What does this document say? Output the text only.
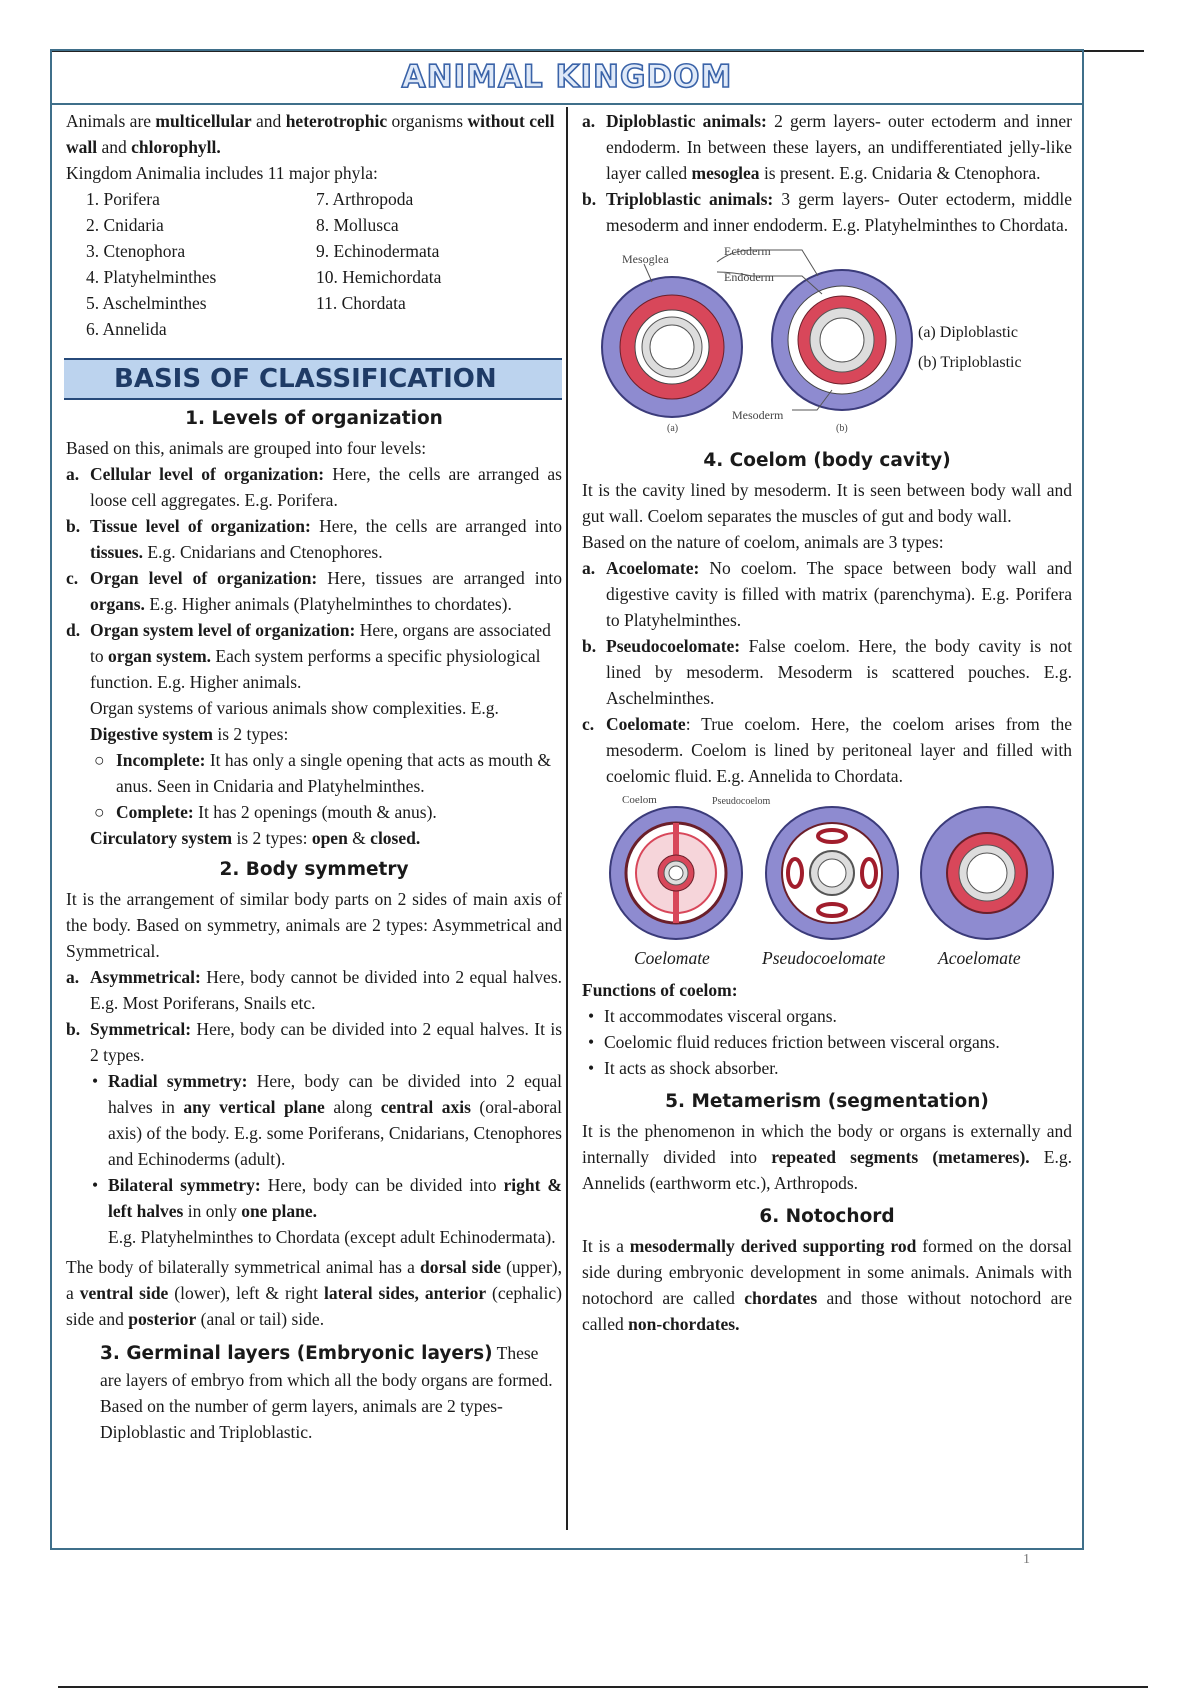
ANIMAL KINGDOM

Animals are multicellular and heterotrophic organisms without cell wall and chlorophyll.

Kingdom Animalia includes 11 major phyla:

1. Porifera	7. Arthropoda
2. Cnidaria	8. Mollusca
3. Ctenophora	9. Echinodermata
4. Platyhelminthes	10. Hemichordata
5. Aschelminthes	11. Chordata
6. Annelida
BASIS OF CLASSIFICATION
1. Levels of organization

Based on this, animals are grouped into four levels:

a. Cellular level of organization: Here, the cells are arranged as loose cell aggregates. E.g. Porifera.
b. Tissue level of organization: Here, the cells are arranged into tissues. E.g. Cnidarians and Ctenophores.
c. Organ level of organization: Here, tissues are arranged into organs. E.g. Higher animals (Platyhelminthes to chordates).
d. Organ system level of organization: Here, organs are associated to organ system. Each system performs a specific physiological function. E.g. Higher animals.

Organ systems of various animals show complexities. E.g.

Digestive system is 2 types:

○ Incomplete: It has only a single opening that acts as mouth & anus. Seen in Cnidaria and Platyhelminthes.
○ Complete: It has 2 openings (mouth & anus).

Circulatory system is 2 types: open & closed.

2. Body symmetry

It is the arrangement of similar body parts on 2 sides of main axis of the body. Based on symmetry, animals are 2 types: Asymmetrical and Symmetrical.

a. Asymmetrical: Here, body cannot be divided into 2 equal halves. E.g. Most Poriferans, Snails etc.
b. Symmetrical: Here, body can be divided into 2 equal halves. It is 2 types.
• Radial symmetry: Here, body can be divided into 2 equal halves in any vertical plane along central axis (oral-aboral axis) of the body. E.g. some Poriferans, Cnidarians, Ctenophores and Echinoderms (adult).
• Bilateral symmetry: Here, body can be divided into right & left halves in only one plane.

E.g. Platyhelminthes to Chordata (except adult Echinodermata).

The body of bilaterally symmetrical animal has a dorsal side (upper), a ventral side (lower), left & right lateral sides, anterior (cephalic) side and posterior (anal or tail) side.

3. Germinal layers (Embryonic layers) These are layers of embryo from which all the body organs are formed. Based on the number of germ layers, animals are 2 types- Diploblastic and Triploblastic.

a. Diploblastic animals: 2 germ layers- outer ectoderm and inner endoderm. In between these layers, an undifferentiated jelly-like layer called mesoglea is present. E.g. Cnidaria & Ctenophora.
b. Triploblastic animals: 3 germ layers- Outer ectoderm, middle mesoderm and inner endoderm. E.g. Platyhelminthes to Chordata.
Mesoglea
Ectoderm
Endoderm
Mesoderm
(a)	(b)
(a) Diploblastic
(b) Triploblastic
4. Coelom (body cavity)

It is the cavity lined by mesoderm. It is seen between body wall and gut wall. Coelom separates the muscles of gut and body wall.

Based on the nature of coelom, animals are 3 types:

a. Acoelomate: No coelom. The space between body wall and digestive cavity is filled with matrix (parenchyma). E.g. Porifera to Platyhelminthes.
b. Pseudocoelomate: False coelom. Here, the body cavity is not lined by mesoderm. Mesoderm is scattered pouches. E.g. Aschelminthes.
c. Coelomate: True coelom. Here, the coelom arises from the mesoderm. Coelom is lined by peritoneal layer and filled with coelomic fluid. E.g. Annelida to Chordata.
Coelom	Pseudocoelom
Coelomate	Pseudocoelomate	Acoelomate

Functions of coelom:

• It accommodates visceral organs.
• Coelomic fluid reduces friction between visceral organs.
• It acts as shock absorber.
5. Metamerism (segmentation)

It is the phenomenon in which the body or organs is externally and internally divided into repeated segments (metameres). E.g. Annelids (earthworm etc.), Arthropods.

6. Notochord

It is a mesodermally derived supporting rod formed on the dorsal side during embryonic development in some animals. Animals with notochord are called chordates and those without notochord are called non-chordates.

1
